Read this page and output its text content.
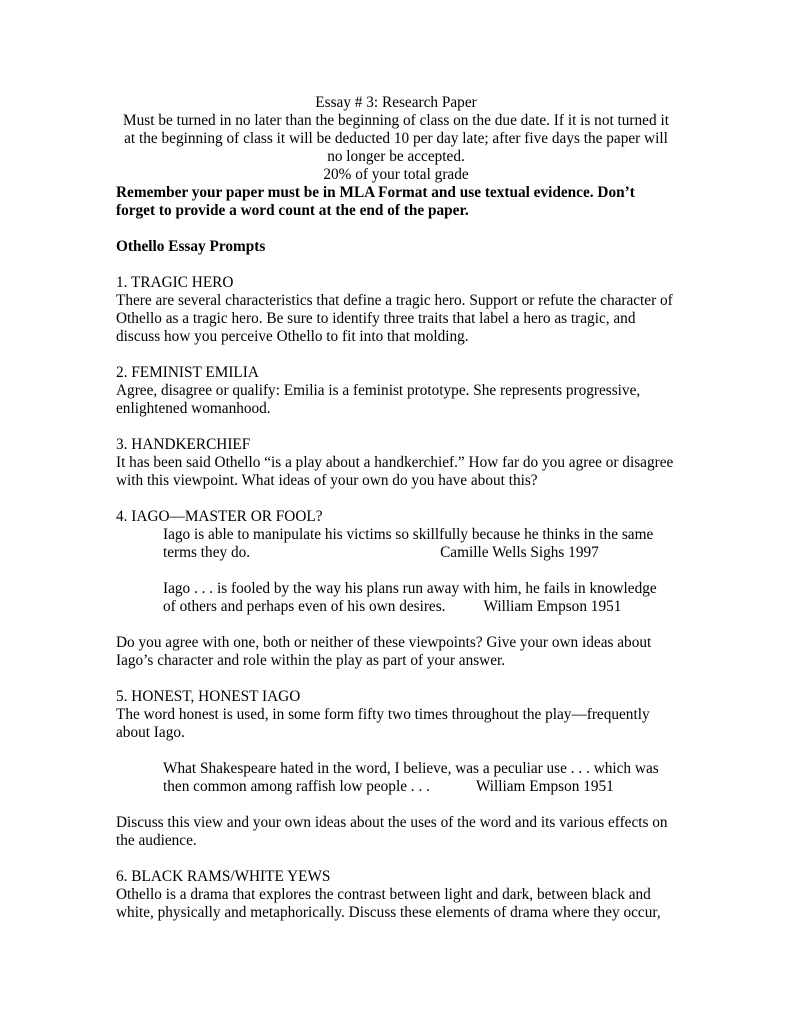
Essay # 3: Research Paper

Must be turned in no later than the beginning of class on the due date. If it is not turned it at the beginning of class it will be deducted 10 per day late; after five days the paper will no longer be accepted.

20% of your total grade

Remember your paper must be in MLA Format and use textual evidence. Don’t forget to provide a word count at the end of the paper.

Othello Essay Prompts

1. TRAGIC HERO

There are several characteristics that define a tragic hero. Support or refute the character of Othello as a tragic hero. Be sure to identify three traits that label a hero as tragic, and discuss how you perceive Othello to fit into that molding.

2. FEMINIST EMILIA

Agree, disagree or qualify: Emilia is a feminist prototype. She represents progressive, enlightened womanhood.

3. HANDKERCHIEF

It has been said Othello “is a play about a handkerchief.” How far do you agree or disagree with this viewpoint. What ideas of your own do you have about this?

4. IAGO—MASTER OR FOOL?

Iago is able to manipulate his victims so skillfully because he thinks in the same

terms they do.	Camille Wells Sighs 1997

Iago . . . is fooled by the way his plans run away with him, he fails in knowledge

of others and perhaps even of his own desires. William Empson 1951

Do you agree with one, both or neither of these viewpoints? Give your own ideas about Iago’s character and role within the play as part of your answer.

5. HONEST, HONEST IAGO

The word honest is used, in some form fifty two times throughout the play—frequently about Iago.

What Shakespeare hated in the word, I believe, was a peculiar use . . . which was

then common among raffish low people . . .	William Empson 1951

Discuss this view and your own ideas about the uses of the word and its various effects on the audience.

6. BLACK RAMS/WHITE YEWS

Othello is a drama that explores the contrast between light and dark, between black and white, physically and metaphorically. Discuss these elements of drama where they occur,
